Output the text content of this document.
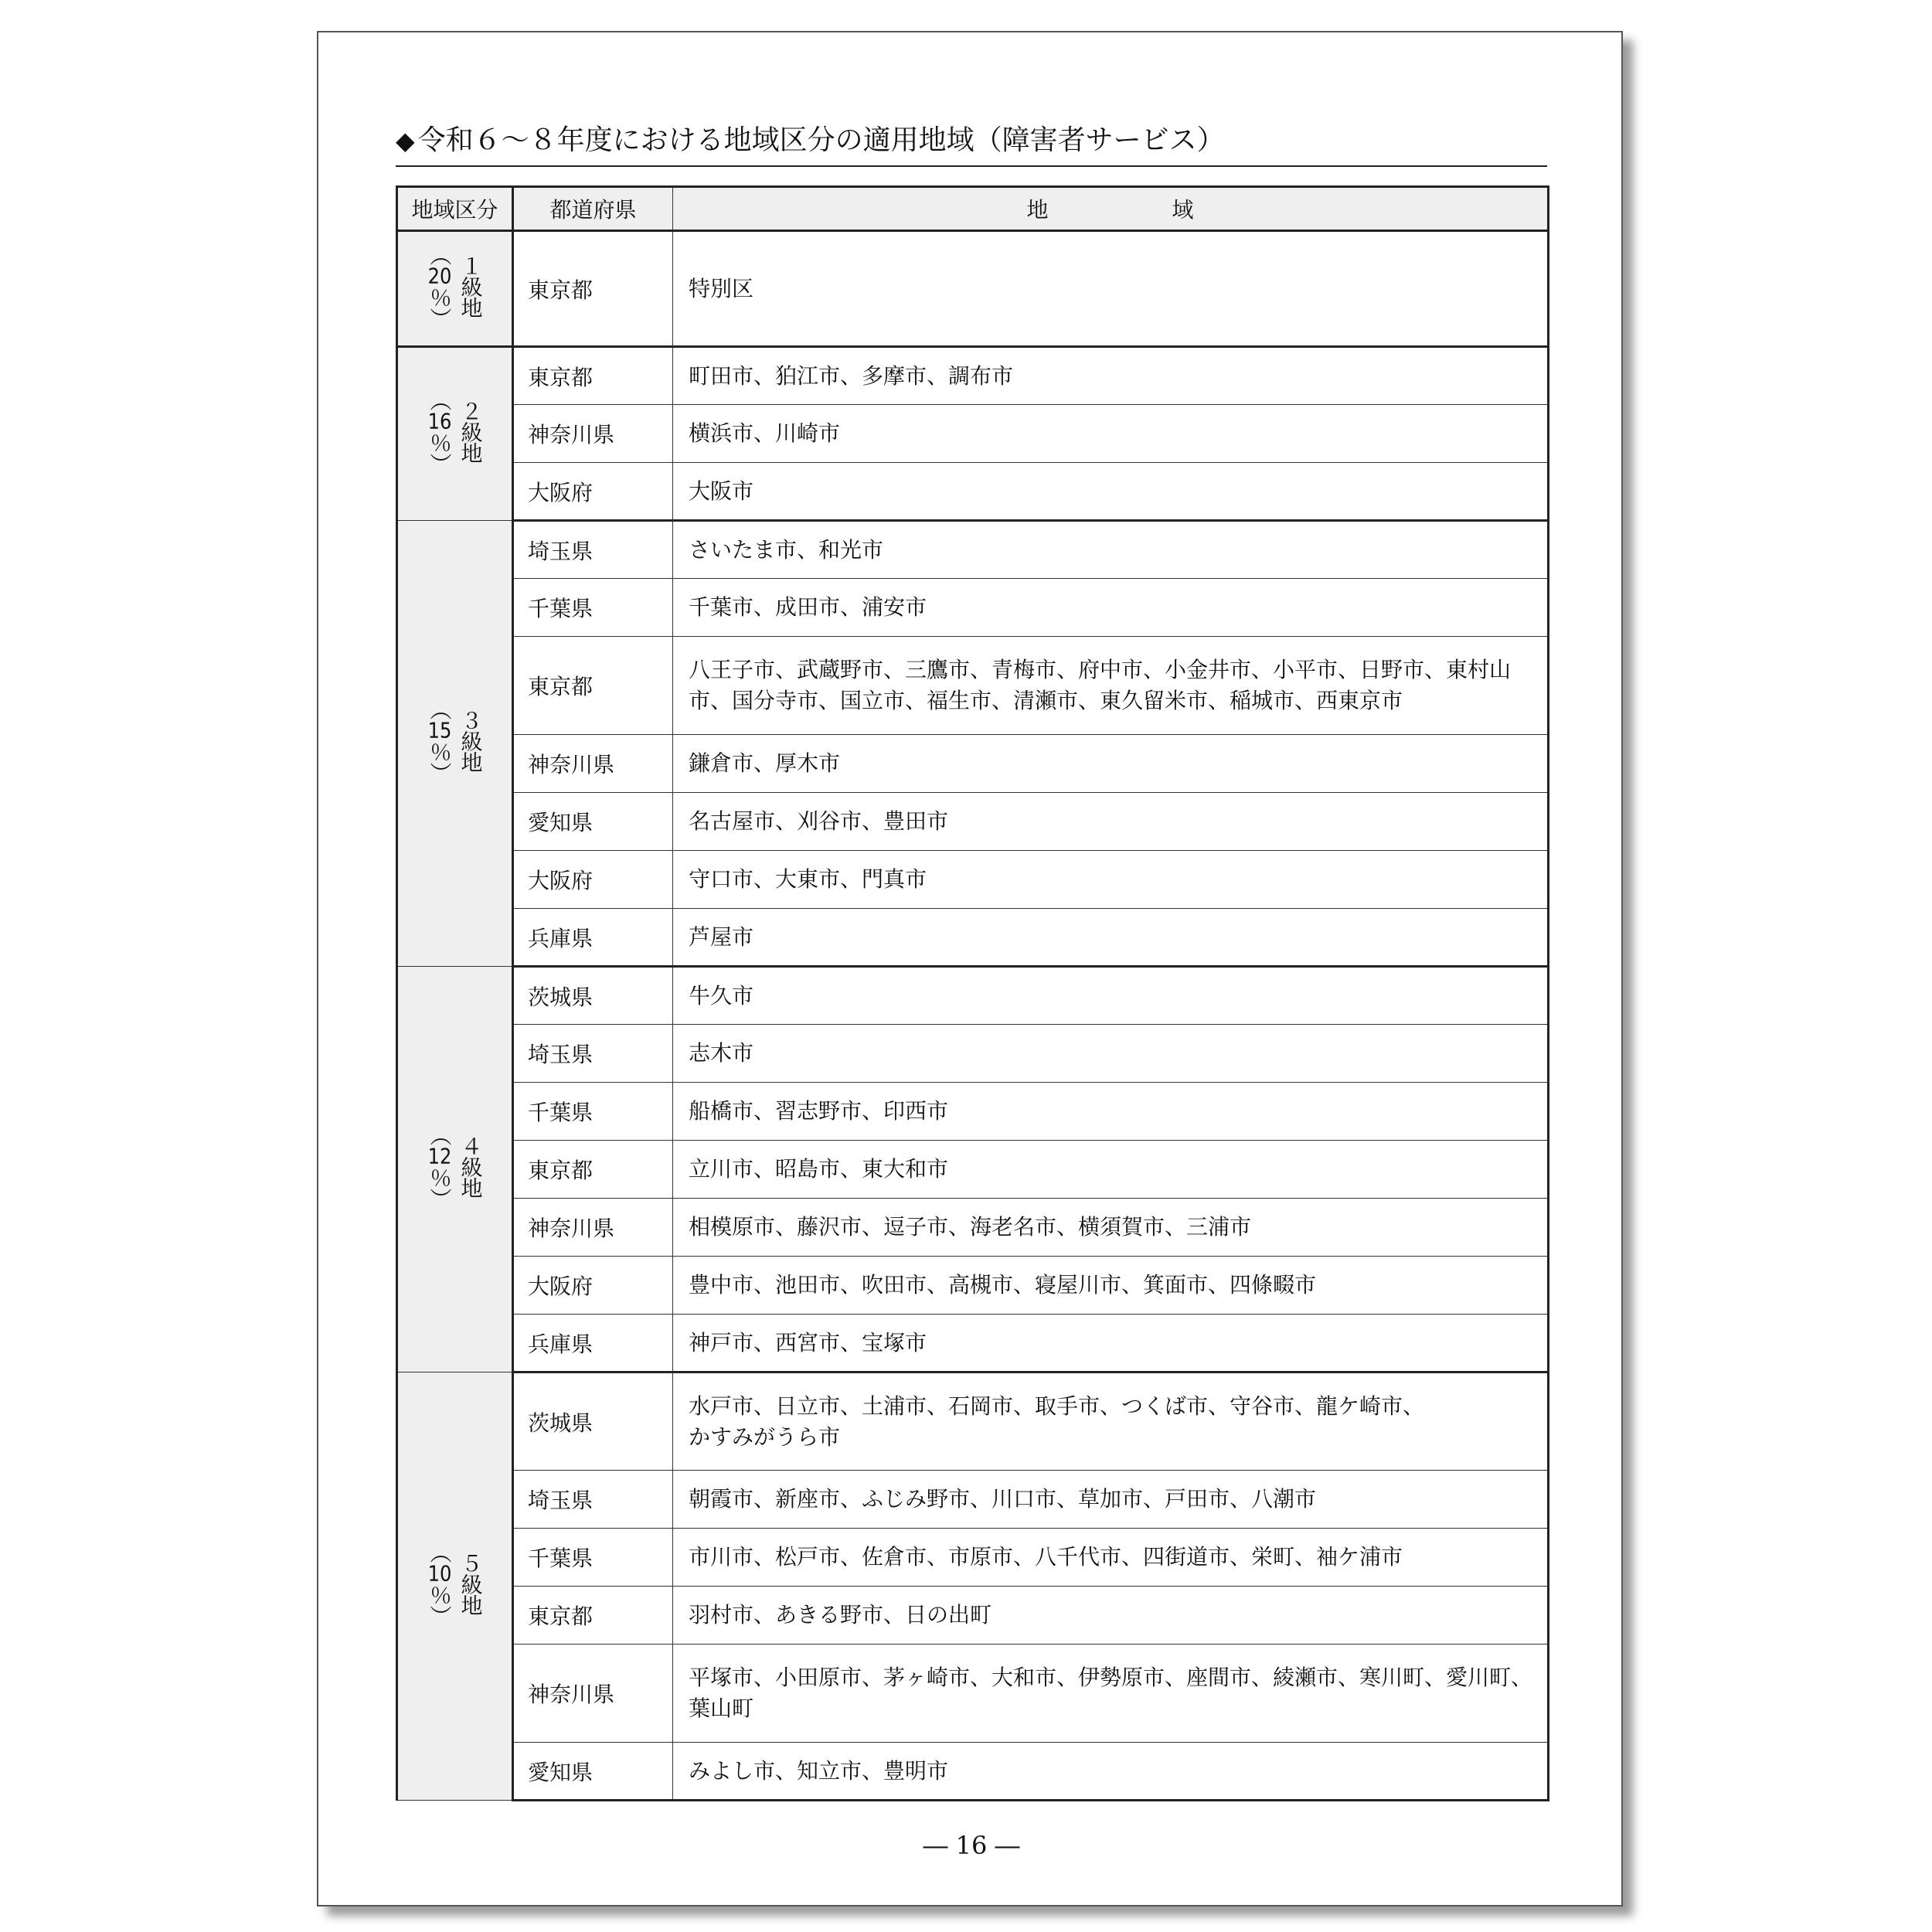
◆ 令和６～８年度における地域区分の適用地域（障害者サービス）
地域区分	都道府県	地 域

１級地
（20％）	東京都	特別区

２級地
（16％）	東京都	町田市、狛江市、多摩市、調布市
	神奈川県	横浜市、川崎市
	大阪府	大阪市

３級地
（15％）	埼玉県	さいたま市、和光市
	千葉県	千葉市、成田市、浦安市
	東京都	八王子市、武蔵野市、三鷹市、青梅市、府中市、小金井市、小平市、日野市、東村山市、国分寺市、国立市、福生市、清瀬市、東久留米市、稲城市、西東京市
	神奈川県	鎌倉市、厚木市
	愛知県	名古屋市、刈谷市、豊田市
	大阪府	守口市、大東市、門真市
	兵庫県	芦屋市

４級地
（12％）	茨城県	牛久市
	埼玉県	志木市
	千葉県	船橋市、習志野市、印西市
	東京都	立川市、昭島市、東大和市
	神奈川県	相模原市、藤沢市、逗子市、海老名市、横須賀市、三浦市
	大阪府	豊中市、池田市、吹田市、高槻市、寝屋川市、箕面市、四條畷市
	兵庫県	神戸市、西宮市、宝塚市

５級地
（10％）	茨城県	水戸市、日立市、土浦市、石岡市、取手市、つくば市、守谷市、龍ケ崎市、
かすみがうら市
	埼玉県	朝霞市、新座市、ふじみ野市、川口市、草加市、戸田市、八潮市
	千葉県	市川市、松戸市、佐倉市、市原市、八千代市、四街道市、栄町、袖ケ浦市
	東京都	羽村市、あきる野市、日の出町
	神奈川県	平塚市、小田原市、茅ヶ崎市、大和市、伊勢原市、座間市、綾瀬市、寒川町、愛川町、葉山町
	愛知県	みよし市、知立市、豊明市
― 16 ―
